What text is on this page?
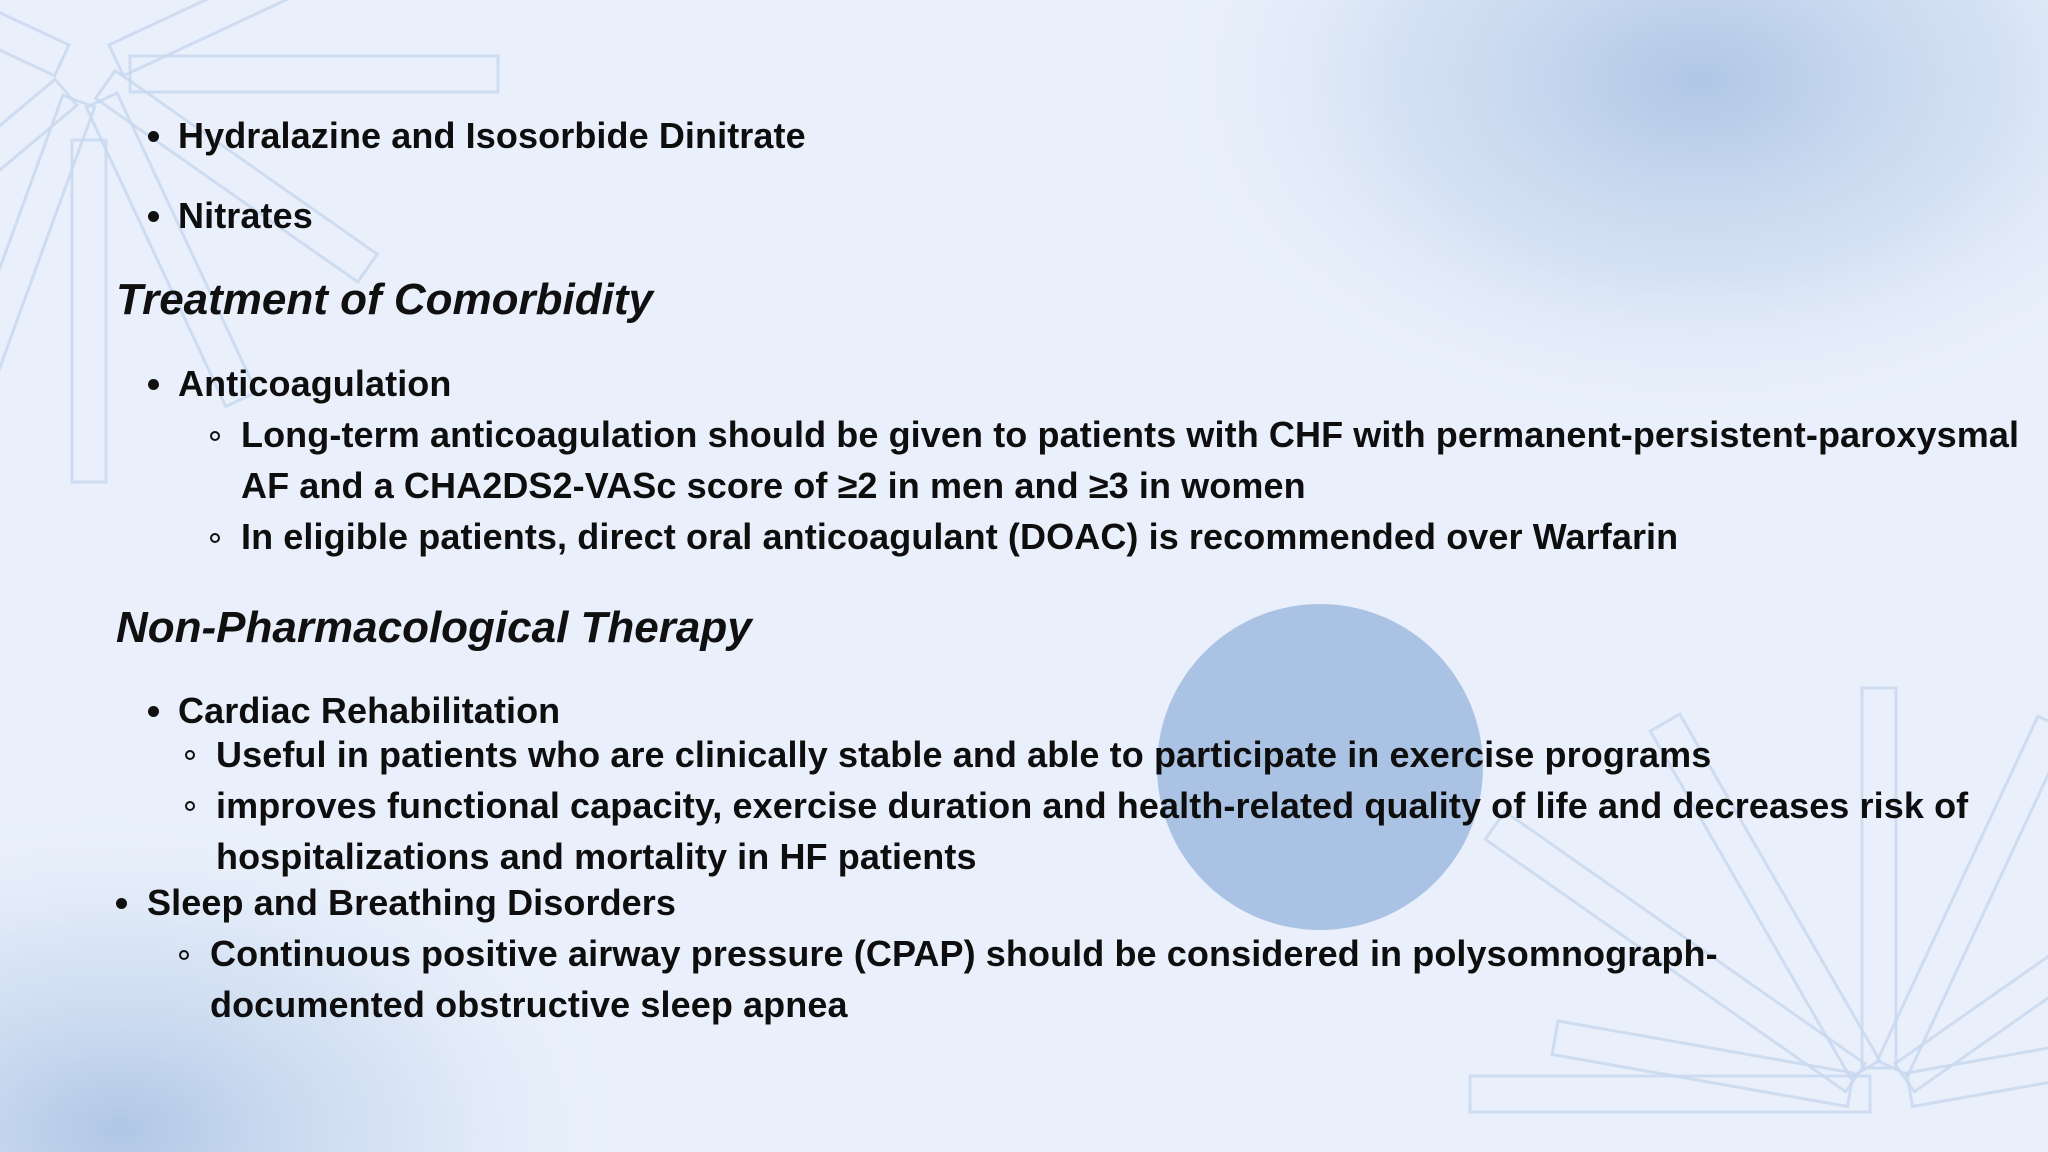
Hydralazine and Isosorbide Dinitrate
Nitrates
Treatment of Comorbidity
Anticoagulation
Long-term anticoagulation should be given to patients with CHF with permanent-persistent-paroxysmal
AF and a CHA2DS2-VASc score of ≥2 in men and ≥3 in women
In eligible patients, direct oral anticoagulant (DOAC) is recommended over Warfarin
Non-Pharmacological Therapy
Cardiac Rehabilitation
Useful in patients who are clinically stable and able to participate in exercise programs
improves functional capacity, exercise duration and health-related quality of life and decreases risk of
hospitalizations and mortality in HF patients
Sleep and Breathing Disorders
Continuous positive airway pressure (CPAP) should be considered in polysomnograph-
documented obstructive sleep apnea
